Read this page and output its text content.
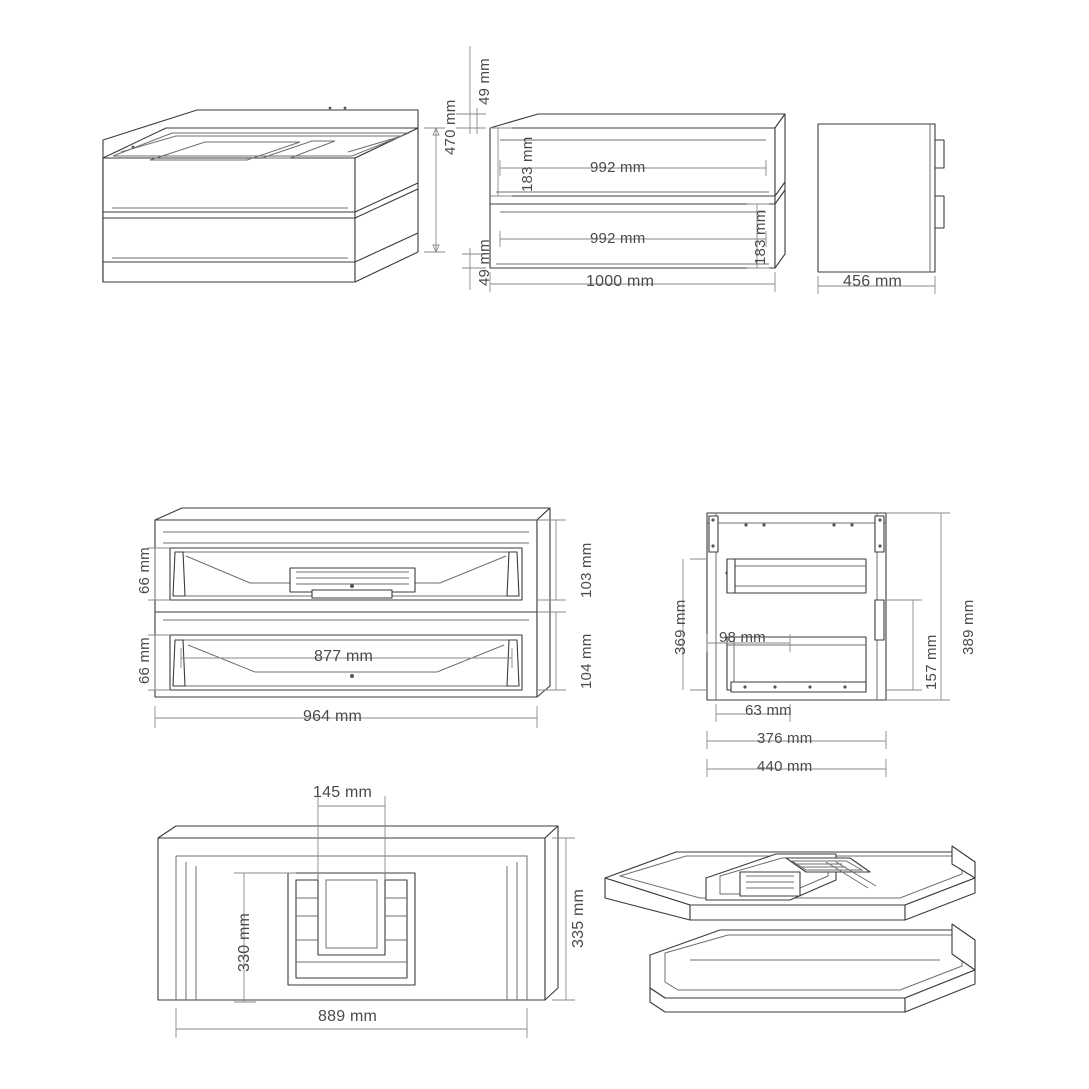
470 mm
49 mm
49 mm
183 mm
183 mm
992 mm
992 mm
1000 mm	456 mm
66 mm
66 mm
103 mm
104 mm
877 mm
964 mm
369 mm	389 mm
157 mm
98 mm
63 mm
376 mm
440 mm
145 mm
330 mm	335 mm
889 mm
